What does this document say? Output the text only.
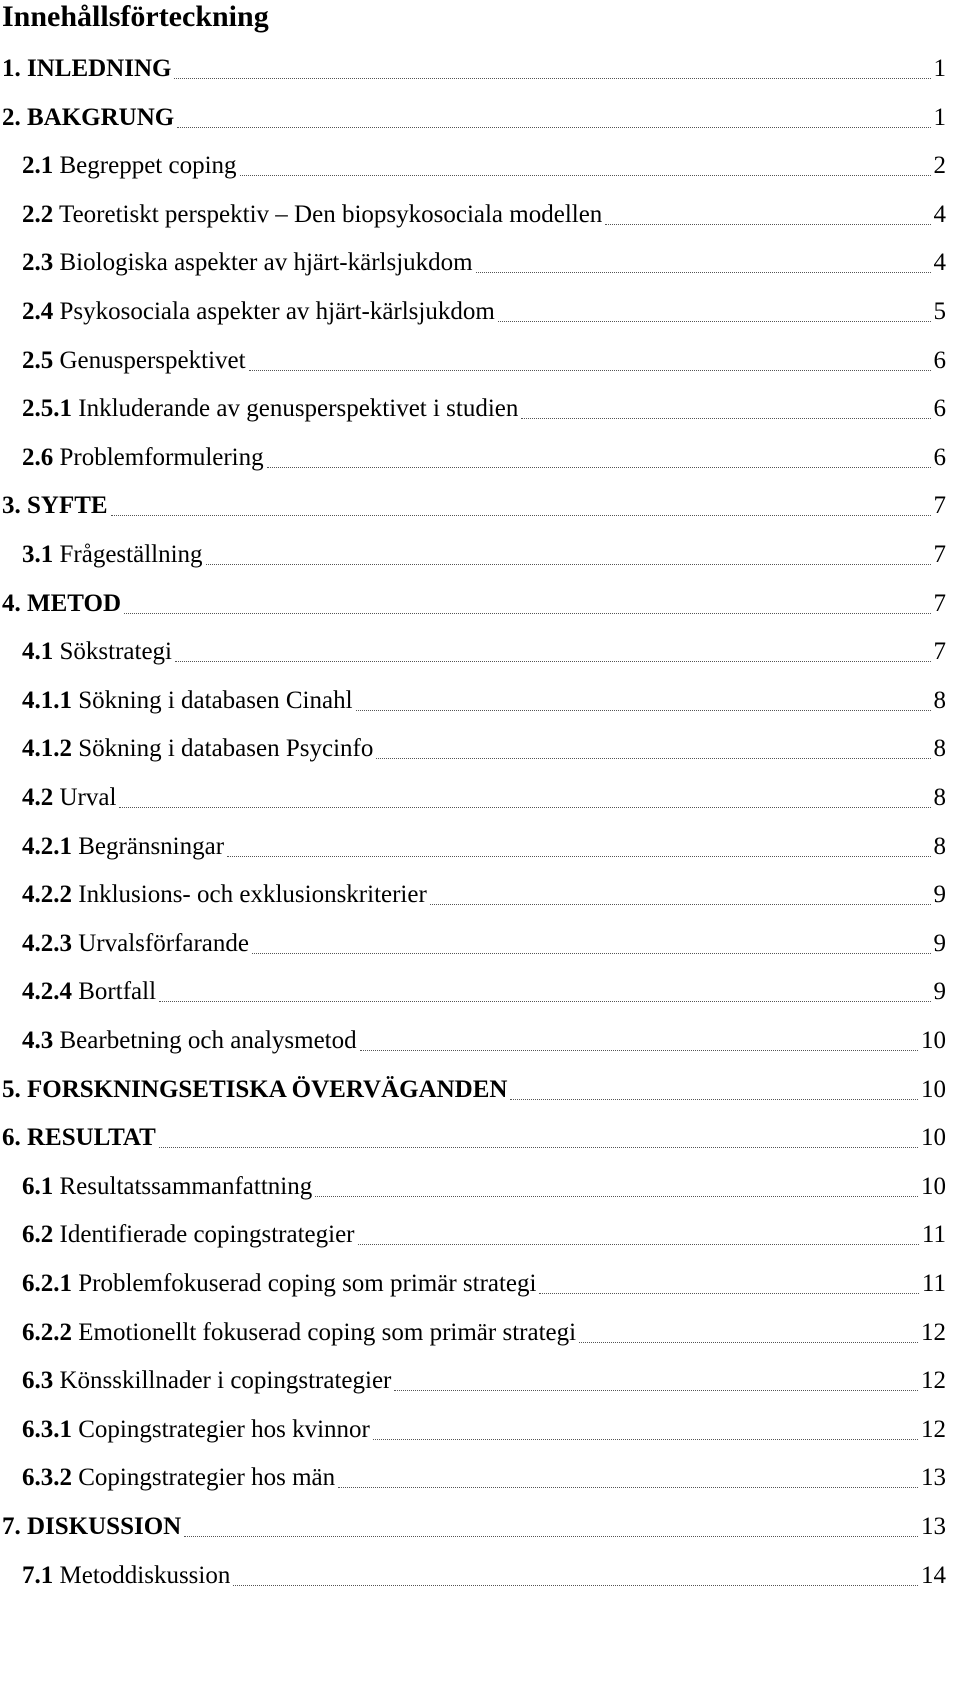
Innehållsförteckning
1. INLEDNING	1
2. BAKGRUNG	1
2.1 Begreppet coping	2
2.2 Teoretiskt perspektiv – Den biopsykosociala modellen	4
2.3 Biologiska aspekter av hjärt-kärlsjukdom	4
2.4 Psykosociala aspekter av hjärt-kärlsjukdom	5
2.5 Genusperspektivet	6
2.5.1 Inkluderande av genusperspektivet i studien	6
2.6 Problemformulering	6
3. SYFTE	7
3.1 Frågeställning	7
4. METOD	7
4.1 Sökstrategi	7
4.1.1 Sökning i databasen Cinahl	8
4.1.2 Sökning i databasen Psycinfo	8
4.2 Urval	8
4.2.1 Begränsningar	8
4.2.2 Inklusions- och exklusionskriterier	9
4.2.3 Urvalsförfarande	9
4.2.4 Bortfall	9
4.3 Bearbetning och analysmetod	10
5. FORSKNINGSETISKA ÖVERVÄGANDEN	10
6. RESULTAT	10
6.1 Resultatssammanfattning	10
6.2 Identifierade copingstrategier	11
6.2.1 Problemfokuserad coping som primär strategi	11
6.2.2 Emotionellt fokuserad coping som primär strategi	12
6.3 Könsskillnader i copingstrategier	12
6.3.1 Copingstrategier hos kvinnor	12
6.3.2 Copingstrategier hos män	13
7. DISKUSSION	13
7.1 Metoddiskussion	14
